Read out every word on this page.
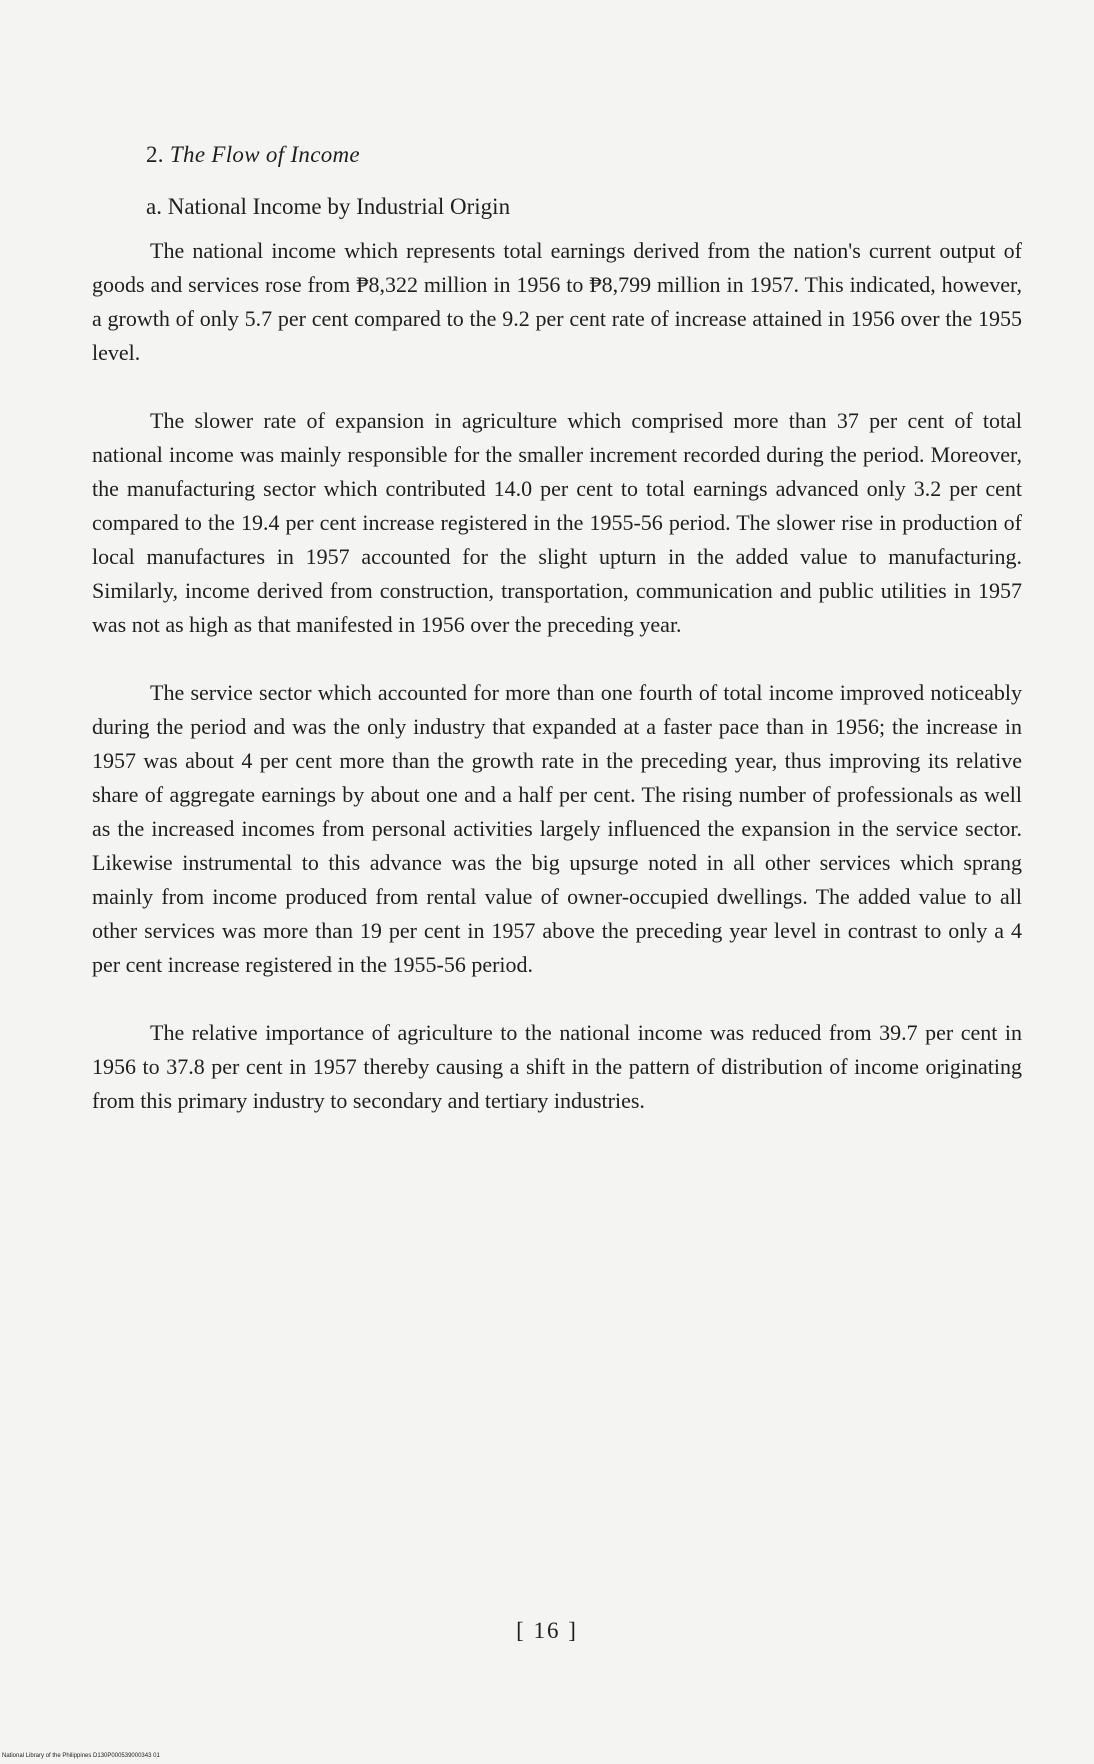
2. The Flow of Income
a. National Income by Industrial Origin

The national income which represents total earnings derived from the nation's current output of goods and services rose from ₱8,322 million in 1956 to ₱8,799 million in 1957. This indicated, however, a growth of only 5.7 per cent compared to the 9.2 per cent rate of increase attained in 1956 over the 1955 level.

The slower rate of expansion in agriculture which comprised more than 37 per cent of total national income was mainly responsible for the smaller increment recorded during the period. Moreover, the manufacturing sector which contributed 14.0 per cent to total earnings advanced only 3.2 per cent compared to the 19.4 per cent increase registered in the 1955-56 period. The slower rise in production of local manufactures in 1957 accounted for the slight upturn in the added value to manufacturing. Similarly, income derived from construction, transportation, communication and public utilities in 1957 was not as high as that manifested in 1956 over the preceding year.

The service sector which accounted for more than one fourth of total income improved noticeably during the period and was the only industry that expanded at a faster pace than in 1956; the increase in 1957 was about 4 per cent more than the growth rate in the preceding year, thus improving its relative share of aggregate earnings by about one and a half per cent. The rising number of professionals as well as the increased incomes from personal activities largely influenced the expansion in the service sector. Likewise instrumental to this advance was the big upsurge noted in all other services which sprang mainly from income produced from rental value of owner-occupied dwellings. The added value to all other services was more than 19 per cent in 1957 above the preceding year level in contrast to only a 4 per cent increase registered in the 1955-56 period.

The relative importance of agriculture to the national income was reduced from 39.7 per cent in 1956 to 37.8 per cent in 1957 thereby causing a shift in the pattern of distribution of income originating from this primary industry to secondary and tertiary industries.

[ 16 ]
National Library of the Philippines D130P000539000343 01
